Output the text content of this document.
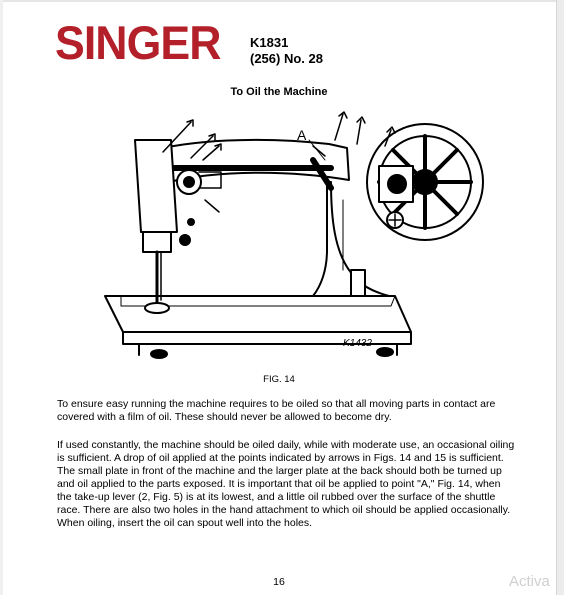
SINGER K1831
(256) No. 28
To Oil the Machine
A
K1432
FIG. 14

To ensure easy running the machine requires to be oiled so that all moving parts in contact are covered with a film of oil. These should never be allowed to become dry.

If used constantly, the machine should be oiled daily, while with moderate use, an occasional oiling is sufficient. A drop of oil applied at the points indicated by arrows in Figs. 14 and 15 is sufficient. The small plate in front of the machine and the larger plate at the back should both be turned up and oil applied to the parts exposed. It is important that oil be applied to point "A," Fig. 14, when the take-up lever (2, Fig. 5) is at its lowest, and a little oil rubbed over the surface of the shuttle race. There are also two holes in the hand attachment to which oil should be applied occasionally. When oiling, insert the oil can spout well into the holes.

16	Activa
